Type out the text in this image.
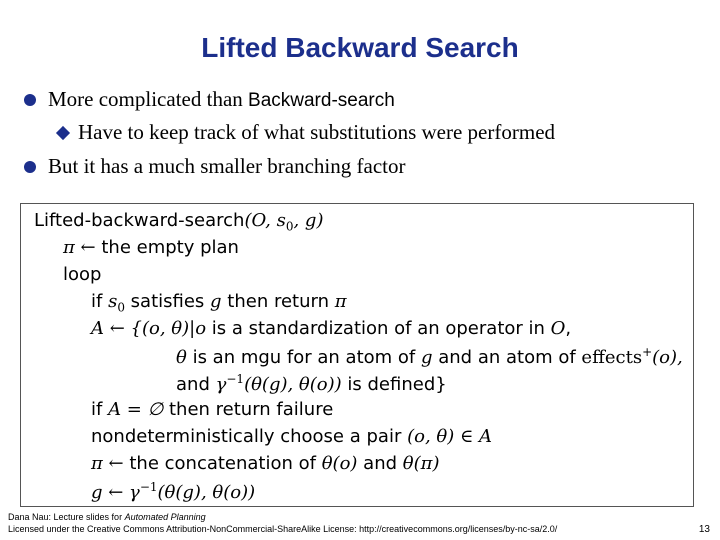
Lifted Backward Search
More complicated than Backward-search
Have to keep track of what substitutions were performed
But it has a much smaller branching factor
Lifted-backward-search(O, $s_0$, g)
π ← the empty plan
loop
if $s_0$ satisfies g then return π
A ← {(o, θ)|o is a standardization of an operator in O,
θ is an mgu for an atom of g and an atom of effects+(o),
and $\gamma^{-1}(\theta(g)$, θ(o)) is defined}
if A = ∅ then return failure
nondeterministically choose a pair (o, θ) ∈ A
π ← the concatenation of θ(o) and θ(π)
g ← $\gamma^{-1}(\theta(g)$, θ(o))
Dana Nau: Lecture slides for Automated Planning
Licensed under the Creative Commons Attribution-NonCommercial-ShareAlike License: http://creativecommons.org/licenses/by-nc-sa/2.0/	13
